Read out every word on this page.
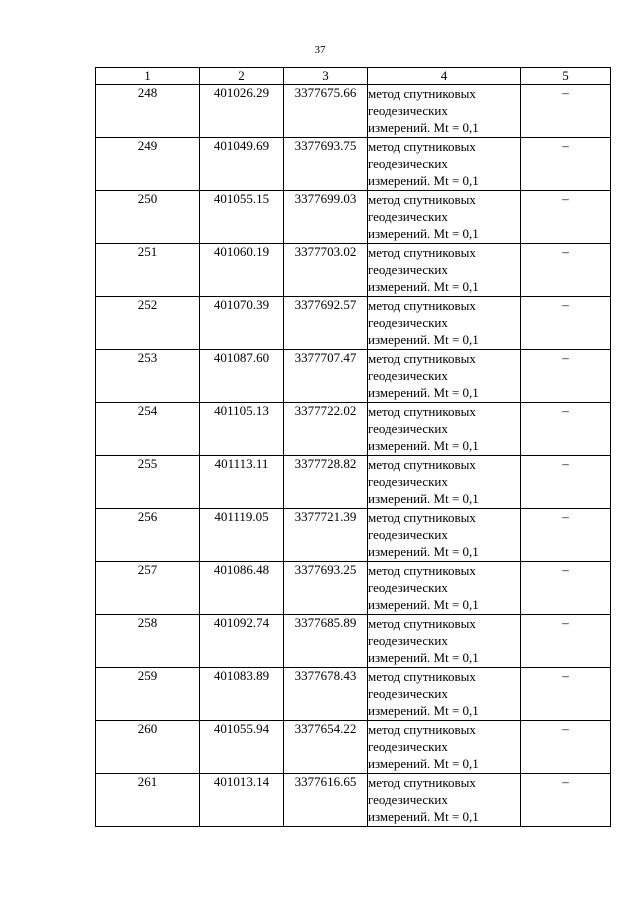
37
1	2	3	4	5
248	401026.29	3377675.66	метод спутниковых
геодезических
измерений. Mt = 0,1	–
249	401049.69	3377693.75	метод спутниковых
геодезических
измерений. Mt = 0,1	–
250	401055.15	3377699.03	метод спутниковых
геодезических
измерений. Mt = 0,1	–
251	401060.19	3377703.02	метод спутниковых
геодезических
измерений. Mt = 0,1	–
252	401070.39	3377692.57	метод спутниковых
геодезических
измерений. Mt = 0,1	–
253	401087.60	3377707.47	метод спутниковых
геодезических
измерений. Mt = 0,1	–
254	401105.13	3377722.02	метод спутниковых
геодезических
измерений. Mt = 0,1	–
255	401113.11	3377728.82	метод спутниковых
геодезических
измерений. Mt = 0,1	–
256	401119.05	3377721.39	метод спутниковых
геодезических
измерений. Mt = 0,1	–
257	401086.48	3377693.25	метод спутниковых
геодезических
измерений. Mt = 0,1	–
258	401092.74	3377685.89	метод спутниковых
геодезических
измерений. Mt = 0,1	–
259	401083.89	3377678.43	метод спутниковых
геодезических
измерений. Mt = 0,1	–
260	401055.94	3377654.22	метод спутниковых
геодезических
измерений. Mt = 0,1	–
261	401013.14	3377616.65	метод спутниковых
геодезических
измерений. Mt = 0,1	–
